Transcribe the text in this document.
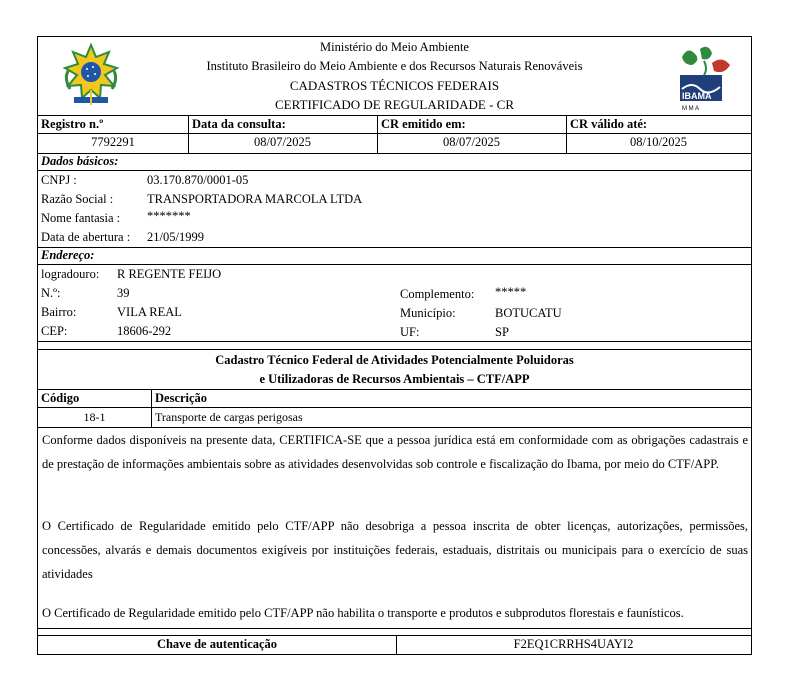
Ministério do Meio Ambiente
Instituto Brasileiro do Meio Ambiente e dos Recursos Naturais Renováveis
CADASTROS TÉCNICOS FEDERAIS
CERTIFICADO DE REGULARIDADE - CR
IBAMA
M M A
Registro n.º	Data da consulta:	CR emitido em:	CR válido até:
7792291	08/07/2025	08/07/2025	08/10/2025
Dados básicos:
CNPJ :	03.170.870/0001-05
Razão Social :	TRANSPORTADORA MARCOLA LTDA
Nome fantasia : *******
Data de abertura : 21/05/1999
Endereço:
logradouro: R REGENTE FEIJO
N.º:	39	Complemento: *****
Bairro:	VILA REAL	Município:	BOTUCATU
CEP:	18606-292	UF:	SP
Cadastro Técnico Federal de Atividades Potencialmente Poluidoras
e Utilizadoras de Recursos Ambientais – CTF/APP
Código	Descrição
18-1	Transporte de cargas perigosas
Conforme dados disponíveis na presente data, CERTIFICA-SE que a pessoa jurídica está em conformidade com as obrigações cadastrais e de prestação de informações ambientais sobre as atividades desenvolvidas sob controle e fiscalização do Ibama, por meio do CTF/APP.
O Certificado de Regularidade emitido pelo CTF/APP não desobriga a pessoa inscrita de obter licenças, autorizações, permissões, concessões, alvarás e demais documentos exigíveis por instituições federais, estaduais, distritais ou municipais para o exercício de suas atividades
O Certificado de Regularidade emitido pelo CTF/APP não habilita o transporte e produtos e subprodutos florestais e faunísticos.
Chave de autenticação	F2EQ1CRRHS4UAYI2
